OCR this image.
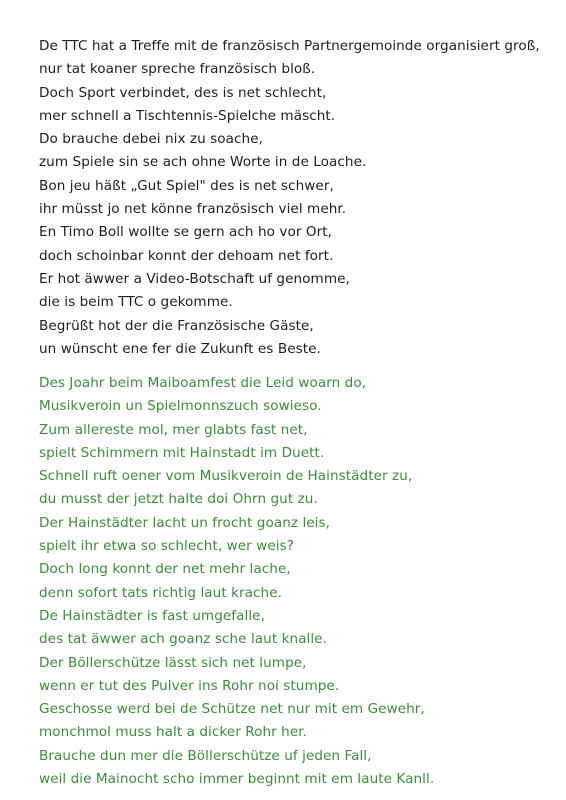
De TTC hat a Treffe mit de französisch Partnergemoinde organisiert groß,
nur tat koaner spreche französisch bloß.
Doch Sport verbindet, des is net schlecht,
mer schnell a Tischtennis-Spielche mäscht.
Do brauche debei nix zu soache,
zum Spiele sin se ach ohne Worte in de Loache.
Bon jeu häßt „Gut Spiel" des is net schwer,
ihr müsst jo net könne französisch viel mehr.
En Timo Boll wollte se gern ach ho vor Ort,
doch schoinbar konnt der dehoam net fort.
Er hot äwwer a Video-Botschaft uf genomme,
die is beim TTC o gekomme.
Begrüßt hot der die Französische Gäste,
un wünscht ene fer die Zukunft es Beste.
Des Joahr beim Maiboamfest die Leid woarn do,
Musikveroin un Spielmonnszuch sowieso.
Zum allereste mol, mer glabts fast net,
spielt Schimmern mit Hainstadt im Duett.
Schnell ruft oener vom Musikveroin de Hainstädter zu,
du musst der jetzt halte doi Ohrn gut zu.
Der Hainstädter lacht un frocht goanz leis,
spielt ihr etwa so schlecht, wer weis?
Doch long konnt der net mehr lache,
denn sofort tats richtig laut krache.
De Hainstädter is fast umgefalle,
des tat äwwer ach goanz sche laut knalle.
Der Böllerschütze lässt sich net lumpe,
wenn er tut des Pulver ins Rohr noi stumpe.
Geschosse werd bei de Schütze net nur mit em Gewehr,
monchmol muss halt a dicker Rohr her.
Brauche dun mer die Böllerschütze uf jeden Fall,
weil die Mainocht scho immer beginnt mit em laute Kanll.
